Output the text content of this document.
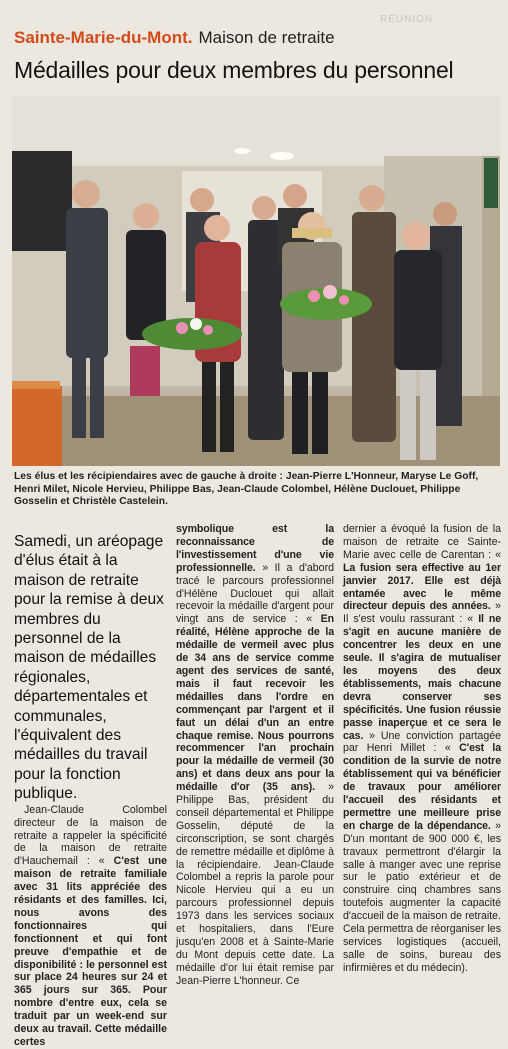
RÉUNION
Sainte-Marie-du-Mont. Maison de retraite
Médailles pour deux membres du personnel
Les élus et les récipiendaires avec de gauche à droite : Jean-Pierre L'Honneur, Maryse Le Goff, Henri Milet, Nicole Hervieu, Philippe Bas, Jean-Claude Colombel, Hélène Duclouet, Philippe Gosselin et Christèle Castelein.

Samedi, un aréopage d'élus était à la maison de retraite pour la remise à deux membres du personnel de la maison de médailles régionales, départementales et communales, l'équivalent des médailles du travail pour la fonction publique.

Jean-Claude Colombel directeur de la maison de retraite a rappeler la spécificité de la maison de retraite d'Hauchemail : « C'est une maison de retraite familiale avec 31 lits appréciée des résidants et des familles. Ici, nous avons des fonctionnaires qui fonctionnent et qui font preuve d'empathie et de disponibilité : le personnel est sur place 24 heures sur 24 et 365 jours sur 365. Pour nombre d'entre eux, cela se traduit par un week-end sur deux au travail. Cette médaille certes

symbolique est la reconnaissance de l'investissement d'une vie professionnelle. » Il a d'abord tracé le parcours professionnel d'Hélène Duclouet qui allait recevoir la médaille d'argent pour vingt ans de service : « En réalité, Hélène approche de la médaille de vermeil avec plus de 34 ans de service comme agent des services de santé, mais il faut recevoir les médailles dans l'ordre en commençant par l'argent et il faut un délai d'un an entre chaque remise. Nous pourrons recommencer l'an prochain pour la médaille de vermeil (30 ans) et dans deux ans pour la médaille d'or (35 ans). » Philippe Bas, président du conseil départemental et Philippe Gosselin, député de la circonscription, se sont chargés de remettre médaille et diplôme à la récipiendaire. Jean-Claude Colombel a repris la parole pour Nicole Hervieu qui a eu un parcours professionnel depuis 1973 dans les services sociaux et hospitaliers, dans l'Eure jusqu'en 2008 et à Sainte-Marie du Mont depuis cette date. La médaille d'or lui était remise par Jean-Pierre L'honneur. Ce

dernier a évoqué la fusion de la maison de retraite ce Sainte-Marie avec celle de Carentan : « La fusion sera effective au 1er janvier 2017. Elle est déjà entamée avec le même directeur depuis des années. » Il s'est voulu rassurant : « Il ne s'agit en aucune manière de concentrer les deux en une seule. Il s'agira de mutualiser les moyens des deux établissements, mais chacune devra conserver ses spécificités. Une fusion réussie passe inaperçue et ce sera le cas. » Une conviction partagée par Henri Millet : « C'est la condition de la survie de notre établissement qui va bénéficier de travaux pour améliorer l'accueil des résidants et permettre une meilleure prise en charge de la dépendance. » D'un montant de 900 000 €, les travaux permettront d'élargir la salle à manger avec une reprise sur le patio extérieur et de construire cinq chambres sans toutefois augmenter la capacité d'accueil de la maison de retraite. Cela permettra de réorganiser les services logistiques (accueil, salle de soins, bureau des infirmières et du médecin).
